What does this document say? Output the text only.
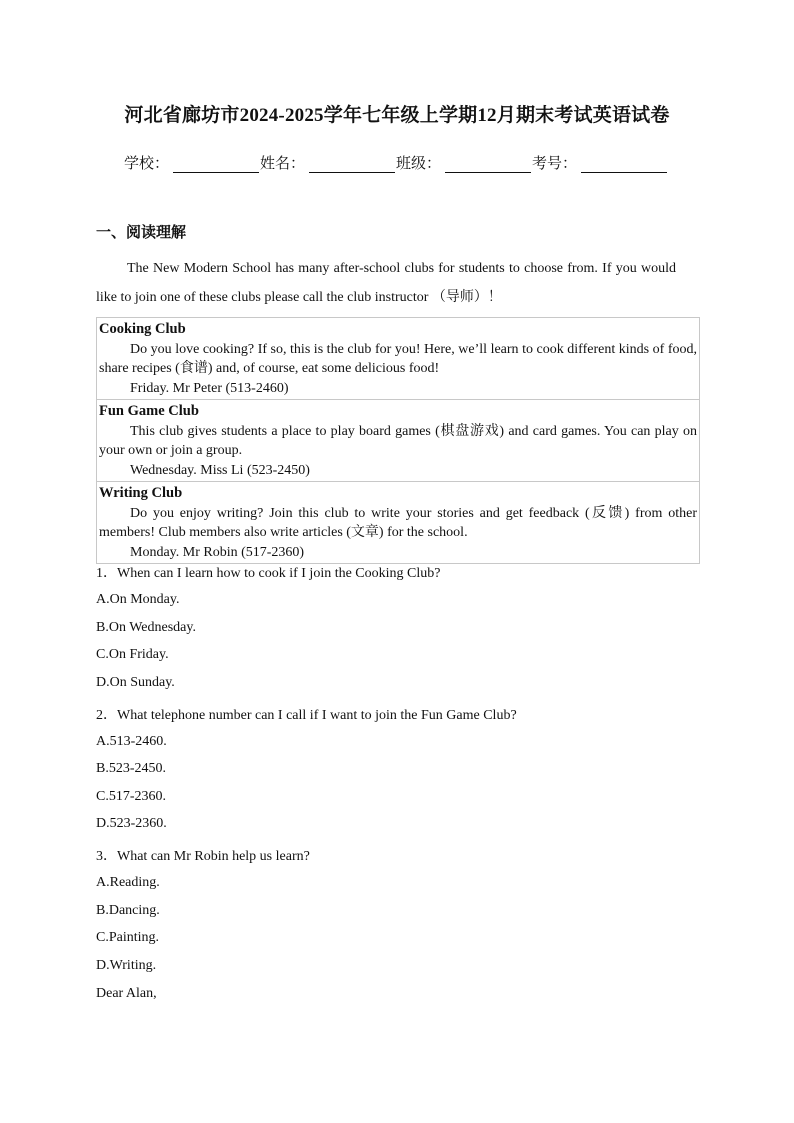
河北省廊坊市2024-2025学年七年级上学期12月期末考试英语试卷
学校：	姓名：	班级：	考号：
一、阅读理解
The New Modern School has many after-school clubs for students to choose from. If you would like to join one of these clubs please call the club instructor （导师）！
Cooking Club
Do you love cooking? If so, this is the club for you! Here, we’ll learn to cook different kinds of food, share recipes (食谱) and, of course, eat some delicious food!
Friday. Mr Peter (513-2460)

Fun Game Club
This club gives students a place to play board games (棋盘游戏) and card games. You can play on your own or join a group.
Wednesday. Miss Li (523-2450)

Writing Club
Do you enjoy writing? Join this club to write your stories and get feedback (反馈) from other members! Club members also write articles (文章) for the school.
Monday. Mr Robin (517-2360)
1．When can I learn how to cook if I join the Cooking Club?
A.On Monday.
B.On Wednesday.
C.On Friday.
D.On Sunday.
2．What telephone number can I call if I want to join the Fun Game Club?
A.513-2460.
B.523-2450.
C.517-2360.
D.523-2360.
3．What can Mr Robin help us learn?
A.Reading.
B.Dancing.
C.Painting.
D.Writing.
Dear Alan,
